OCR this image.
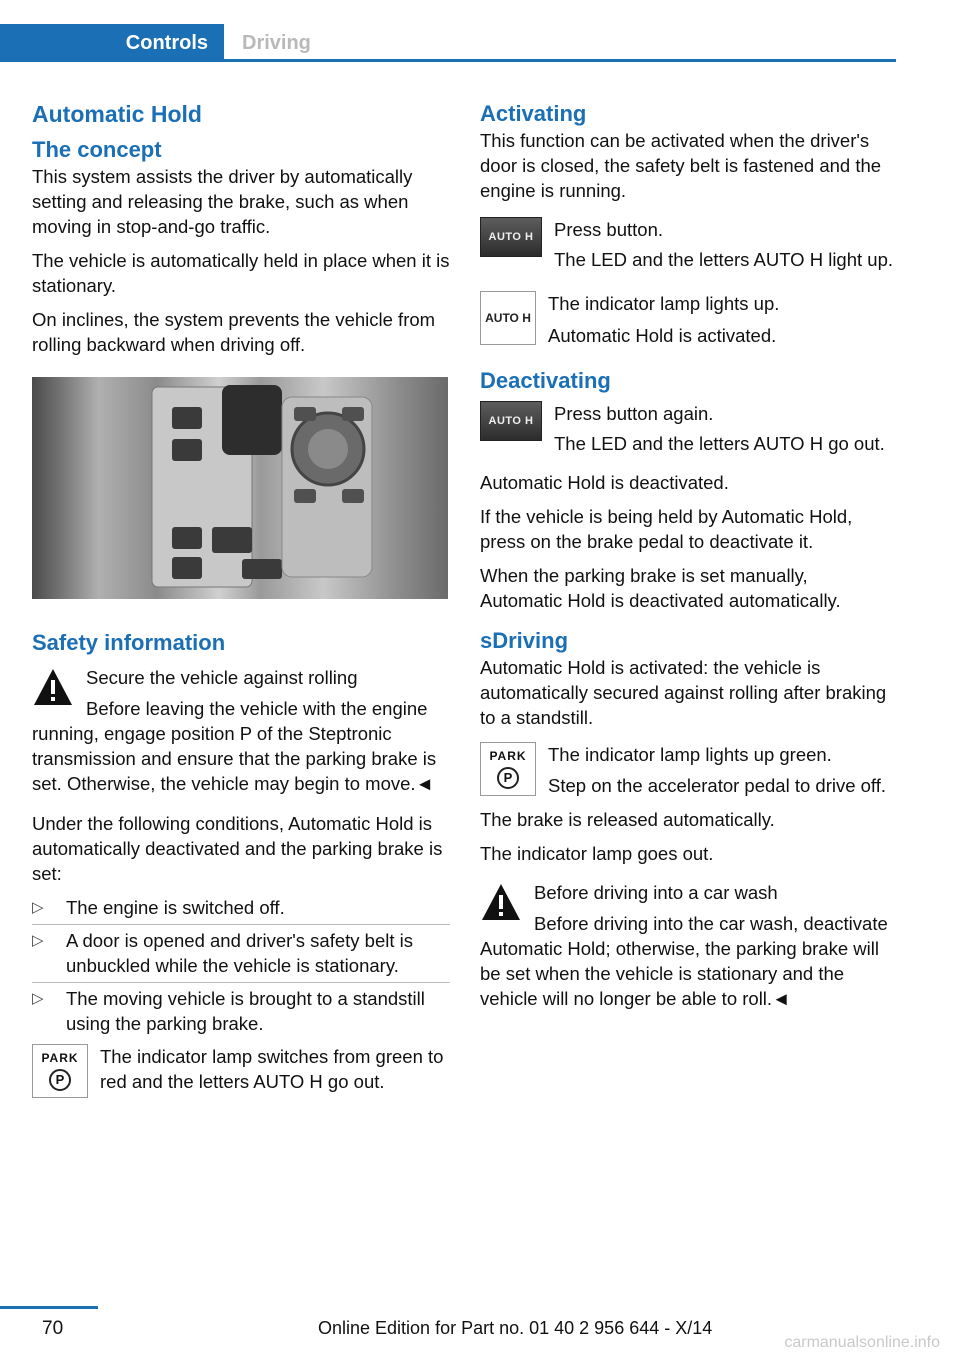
Controls	Driving
Automatic Hold
The concept

This system assists the driver by automatically setting and releasing the brake, such as when moving in stop-and-go traffic.

The vehicle is automatically held in place when it is stationary.

On inclines, the system prevents the vehicle from rolling backward when driving off.

Safety information

Secure the vehicle against rolling

Before leaving the vehicle with the engine running, engage position P of the Steptronic transmission and ensure that the parking brake is set. Otherwise, the vehicle may begin to move.◄

Under the following conditions, Automatic Hold is automatically deactivated and the parking brake is set:

▷ The engine is switched off.
▷ A door is opened and driver's safety belt is unbuckled while the vehicle is stationary.
▷ The moving vehicle is brought to a standstill using the parking brake.
PARK
P

The indicator lamp switches from green to red and the letters AUTO H go out.

Activating

This function can be activated when the driver's door is closed, the safety belt is fastened and the engine is running.

AUTO H	Press button.

The LED and the letters AUTO H light up.

AUTO H

The indicator lamp lights up.

Automatic Hold is activated.

Deactivating
AUTO H	Press button again.

The LED and the letters AUTO H go out.

Automatic Hold is deactivated.

If the vehicle is being held by Automatic Hold, press on the brake pedal to deactivate it.

When the parking brake is set manually, Automatic Hold is deactivated automatically.

sDriving

Automatic Hold is activated: the vehicle is automatically secured against rolling after braking to a standstill.

PARK
P

The indicator lamp lights up green.

Step on the accelerator pedal to drive off.

The brake is released automatically.

The indicator lamp goes out.

Before driving into a car wash

Before driving into the car wash, deactivate Automatic Hold; otherwise, the parking brake will be set when the vehicle is stationary and the vehicle will no longer be able to roll.◄

70	Online Edition for Part no. 01 40 2 956 644 - X/14
carmanualsonline.info
